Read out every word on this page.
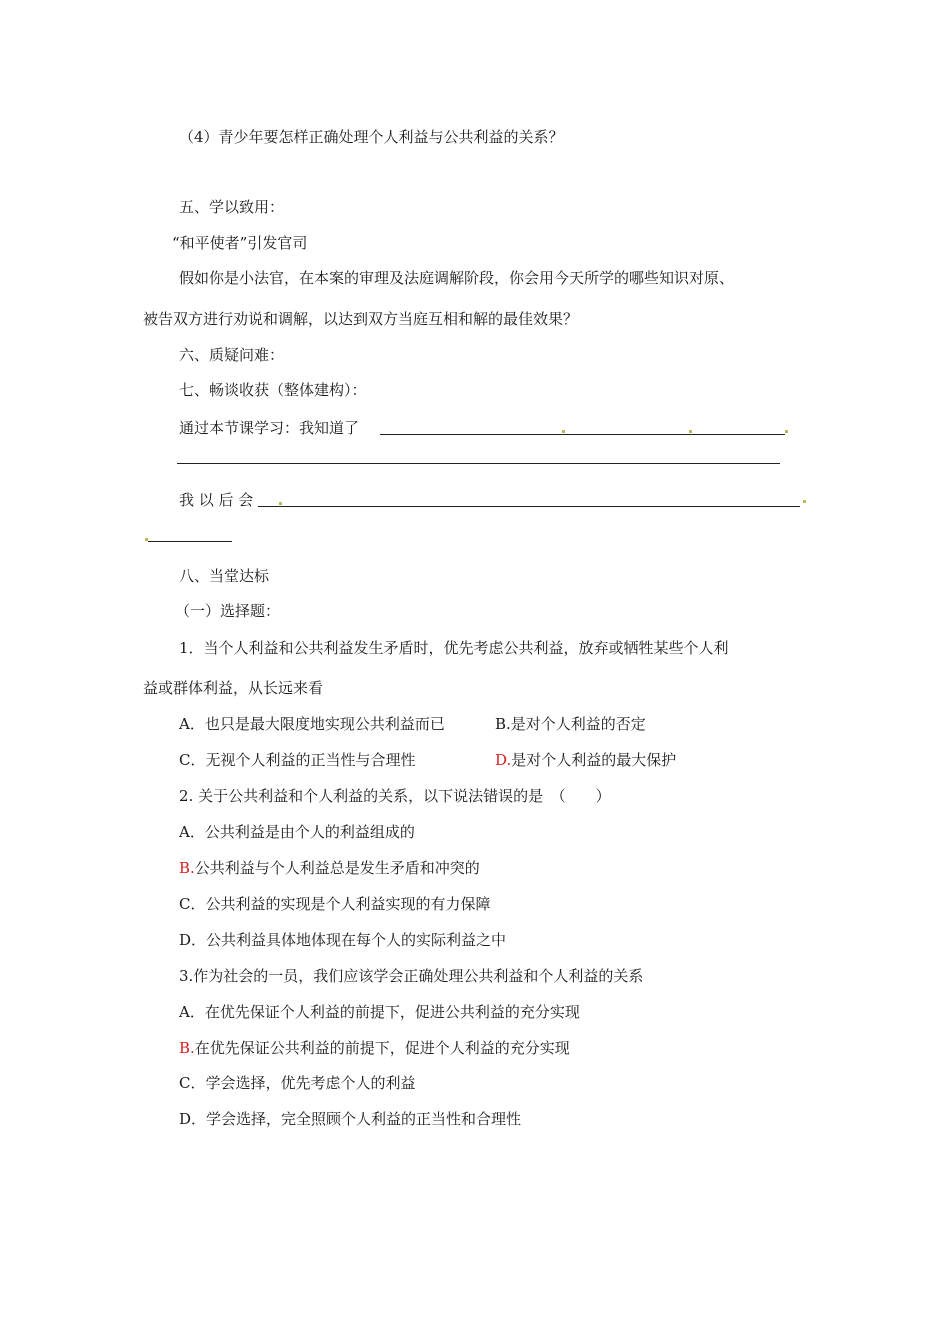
（4）青少年要怎样正确处理个人利益与公共利益的关系？
五、学以致用：
“和平使者”引发官司
假如你是小法官，在本案的审理及法庭调解阶段，你会用今天所学的哪些知识对原、
被告双方进行劝说和调解，以达到双方当庭互相和解的最佳效果？
六、质疑问难：
七、畅谈收获（整体建构）：
通过本节课学习：我知道了
我 以 后 会
八、当堂达标
（一）选择题：
1．当个人利益和公共利益发生矛盾时，优先考虑公共利益，放弃或牺牲某些个人利
益或群体利益，从长远来看
A．也只是最大限度地实现公共利益而已	B.是对个人利益的否定
C．无视个人利益的正当性与合理性	D.是对个人利益的最大保护
2. 关于公共利益和个人利益的关系，以下说法错误的是　（　　）
A．公共利益是由个人的利益组成的
B.公共利益与个人利益总是发生矛盾和冲突的
C．公共利益的实现是个人利益实现的有力保障
D．公共利益具体地体现在每个人的实际利益之中
3.作为社会的一员，我们应该学会正确处理公共利益和个人利益的关系
A．在优先保证个人利益的前提下，促进公共利益的充分实现
B.在优先保证公共利益的前提下，促进个人利益的充分实现
C．学会选择，优先考虑个人的利益
D．学会选择，完全照顾个人利益的正当性和合理性
